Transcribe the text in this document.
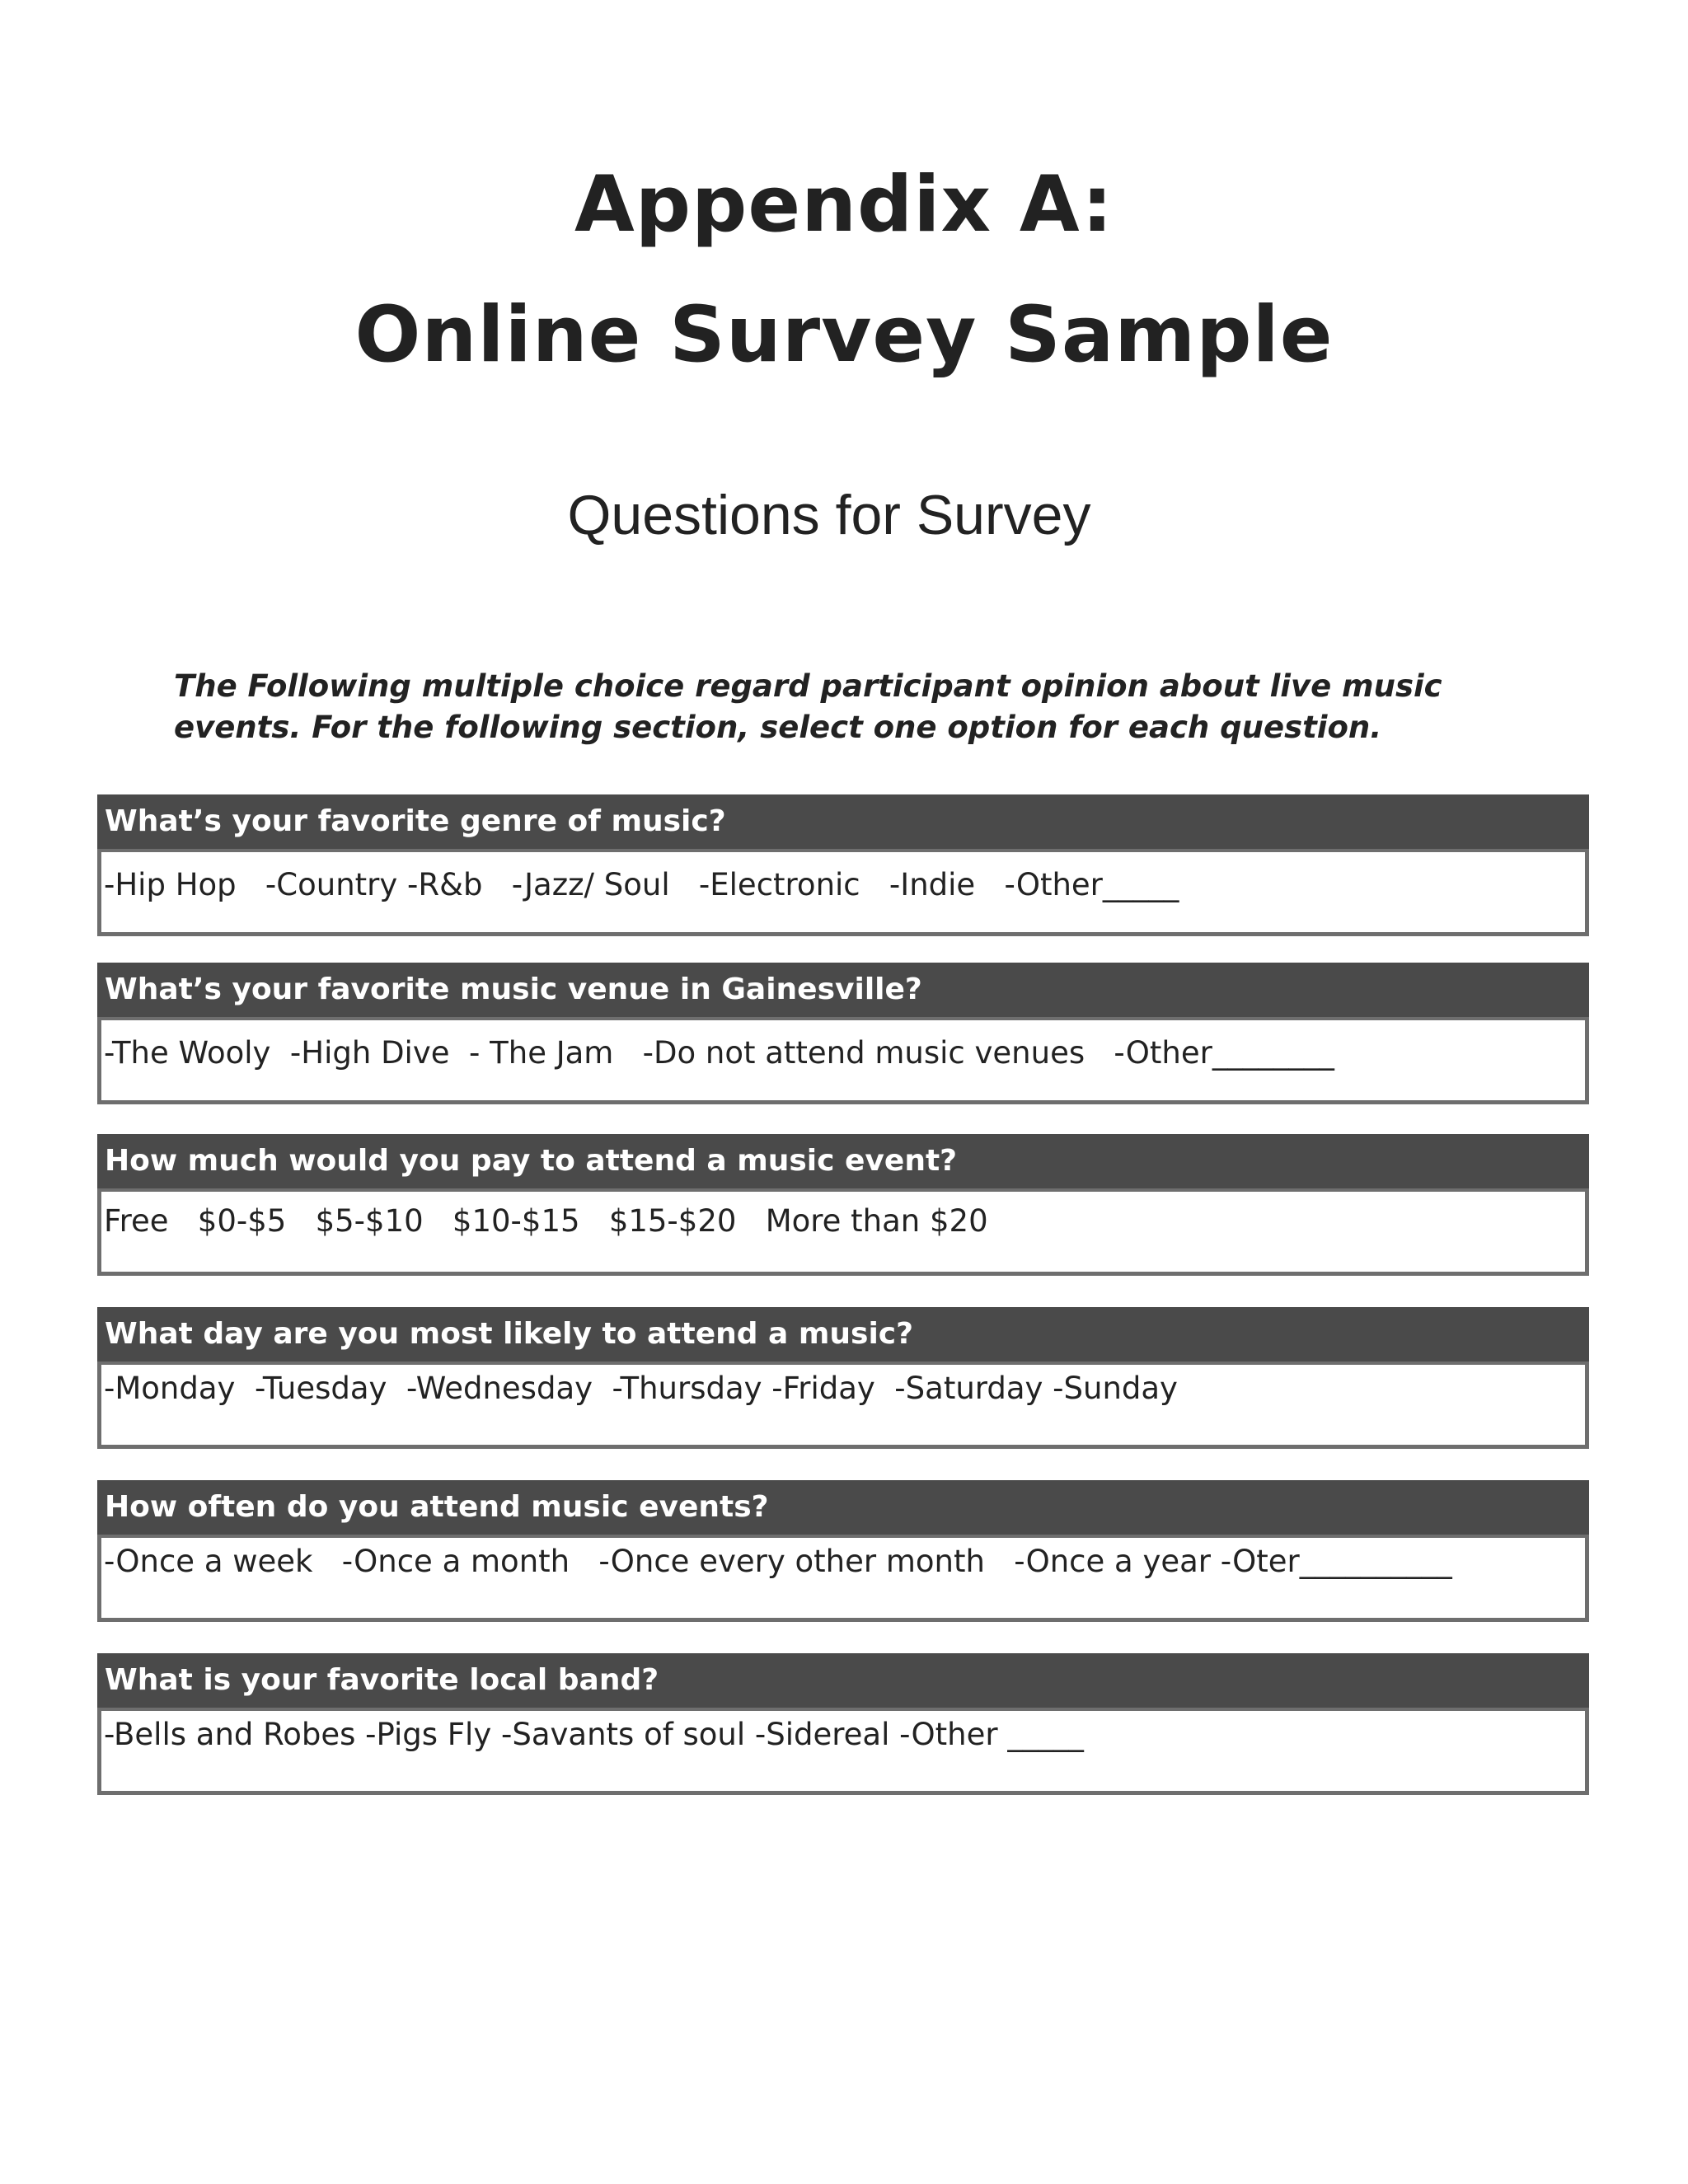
Appendix A:
Online Survey Sample
Questions for Survey
The Following multiple choice regard participant opinion about live music events. For the following section, select one option for each question.
What’s your favorite genre of music?
-Hip Hop   -Country -R&b   -Jazz/ Soul   -Electronic   -Indie   -Other_____
What’s your favorite music venue in Gainesville?
-The Wooly  -High Dive  - The Jam   -Do not attend music venues   -Other________
How much would you pay to attend a music event?
Free   $0-$5   $5-$10   $10-$15   $15-$20   More than $20
What day are you most likely to attend a music?
-Monday  -Tuesday  -Wednesday  -Thursday -Friday  -Saturday -Sunday
How often do you attend music events?
-Once a week   -Once a month   -Once every other month   -Once a year -Oter__________
What is your favorite local band?
-Bells and Robes -Pigs Fly -Savants of soul -Sidereal -Other _____
